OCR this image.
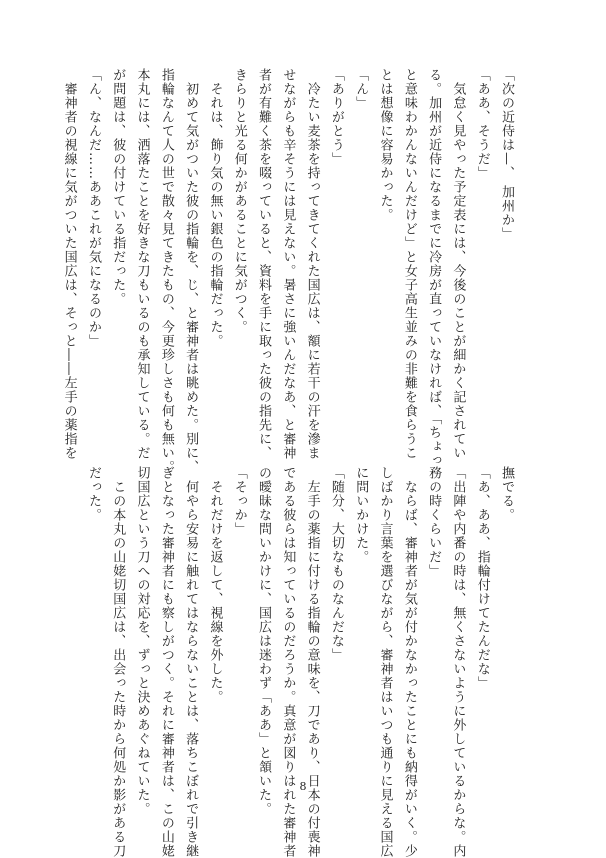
「次の近侍は—、 加州か」
「ああ、そうだ」
　気怠く見やった予定表には、今後のことが細かく記されてい
る。加州が近侍になるまでに冷房が直っていなければ、「ちょっ
と意味わかんないんだけど」と女子高生並みの非難を食らうこ
とは想像に容易かった。
「ん」
「ありがとう」
　冷たい麦茶を持ってきてくれた国広は、額に若干の汗を滲ま
せながらも辛そうには見えない。暑さに強いんだなあ、と審神
者が有難く茶を啜っていると、資料を手に取った彼の指先に、
きらりと光る何かがあることに気がつく。
　それは、飾り気の無い銀色の指輪だった。
　初めて気がついた彼の指輪を、じ、と審神者は眺めた。別に、
指輪なんて人の世で散々見てきたもの、今更珍しさも何も無い。
本丸には、洒落たことを好きな刀もいるのも承知している。だ
が問題は、彼の付けている指だった。
「ん、なんだ……ああこれが気になるのか」
　審神者の視線に気がついた国広は、そっと――左手の薬指を
撫でる。
「あ、ああ、指輪付けてたんだな」
「出陣や内番の時は、無くさないように外しているからな。内
務の時くらいだ」
　ならば、審神者が気が付かなかったことにも納得がいく。少
しばかり言葉を選びながら、審神者はいつも通りに見える国広
に問いかけた。
「随分、大切なものなんだな」
　左手の薬指に付ける指輪の意味を、刀であり、日本の付喪神
である彼らは知っているのだろうか。真意が図りはれた審神者
の曖昧な問いかけに、国広は迷わず「ああ」と頷いた。
「そっか」
　それだけを返して、視線を外した。
　何やら安易に触れてはならないことは、落ちこぼれで引き継
ぎとなった審神者にも察しがつく。それに審神者は、この山姥
切国広という刀への対応を、ずっと決めあぐねていた。
　この本丸の山姥切国広は、出会った時から何処か影がある刀
だった。
8
